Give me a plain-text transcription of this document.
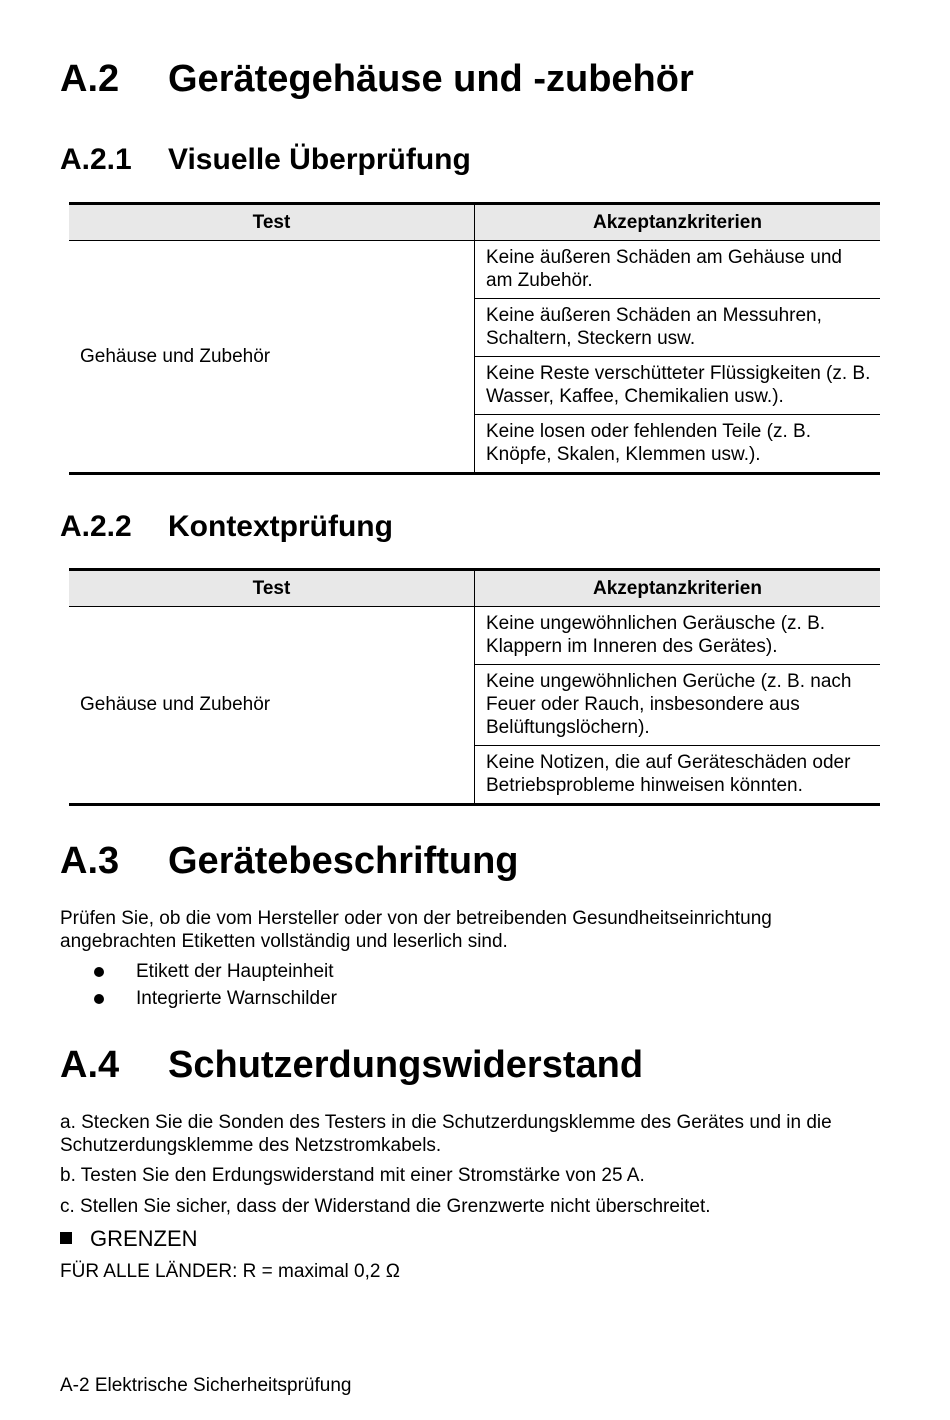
A.2 Gerätegehäuse und -zubehör
A.2.1 Visuelle Überprüfung
Test	Akzeptanzkriterien
Gehäuse und Zubehör	Keine äußeren Schäden am Gehäuse und am Zubehör.
	Keine äußeren Schäden an Messuhren, Schaltern, Steckern usw.
	Keine Reste verschütteter Flüssigkeiten (z. B. Wasser, Kaffee, Chemikalien usw.).
	Keine losen oder fehlenden Teile (z. B. Knöpfe, Skalen, Klemmen usw.).
A.2.2 Kontextprüfung
Test	Akzeptanzkriterien
Gehäuse und Zubehör	Keine ungewöhnlichen Geräusche (z. B. Klappern im Inneren des Gerätes).
	Keine ungewöhnlichen Gerüche (z. B. nach Feuer oder Rauch, insbesondere aus Belüftungslöchern).
	Keine Notizen, die auf Geräteschäden oder Betriebsprobleme hinweisen könnten.
A.3 Gerätebeschriftung
Prüfen Sie, ob die vom Hersteller oder von der betreibenden Gesundheitseinrichtung angebrachten Etiketten vollständig und leserlich sind.
Etikett der Haupteinheit
Integrierte Warnschilder
A.4 Schutzerdungswiderstand
a. Stecken Sie die Sonden des Testers in die Schutzerdungsklemme des Gerätes und in die Schutzerdungsklemme des Netzstromkabels.
b. Testen Sie den Erdungswiderstand mit einer Stromstärke von 25 A.
c. Stellen Sie sicher, dass der Widerstand die Grenzwerte nicht überschreitet.
GRENZEN
FÜR ALLE LÄNDER: R = maximal 0,2 Ω
A-2 Elektrische Sicherheitsprüfung
